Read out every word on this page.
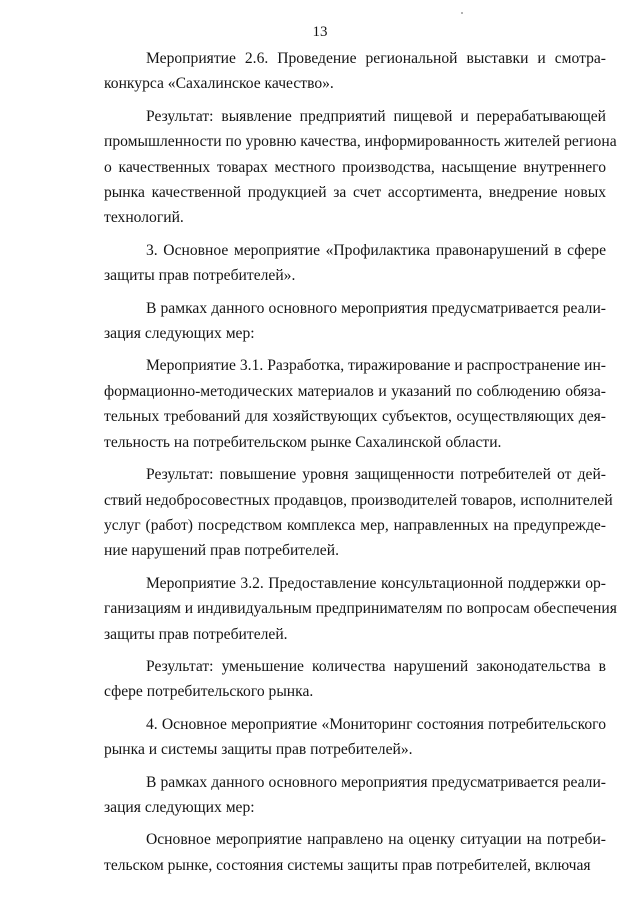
13

Мероприятие 2.6. Проведение региональной выставки и смотра-
конкурса «Сахалинское качество».

Результат: выявление предприятий пищевой и перерабатывающей
промышленности по уровню качества, информированность жителей региона
о качественных товарах местного производства, насыщение внутреннего
рынка качественной продукцией за счет ассортимента, внедрение новых
технологий.

3. Основное мероприятие «Профилактика правонарушений в сфере
защиты прав потребителей».

В рамках данного основного мероприятия предусматривается реали-
зация следующих мер:

Мероприятие 3.1. Разработка, тиражирование и распространение ин-
формационно-методических материалов и указаний по соблюдению обяза-
тельных требований для хозяйствующих субъектов, осуществляющих дея-
тельность на потребительском рынке Сахалинской области.

Результат: повышение уровня защищенности потребителей от дей-
ствий недобросовестных продавцов, производителей товаров, исполнителей
услуг (работ) посредством комплекса мер, направленных на предупрежде-
ние нарушений прав потребителей.

Мероприятие 3.2. Предоставление консультационной поддержки ор-
ганизациям и индивидуальным предпринимателям по вопросам обеспечения
защиты прав потребителей.

Результат: уменьшение количества нарушений законодательства в
сфере потребительского рынка.

4. Основное мероприятие «Мониторинг состояния потребительского
рынка и системы защиты прав потребителей».

В рамках данного основного мероприятия предусматривается реали-
зация следующих мер:

Основное мероприятие направлено на оценку ситуации на потреби-
тельском рынке, состояния системы защиты прав потребителей, включая
